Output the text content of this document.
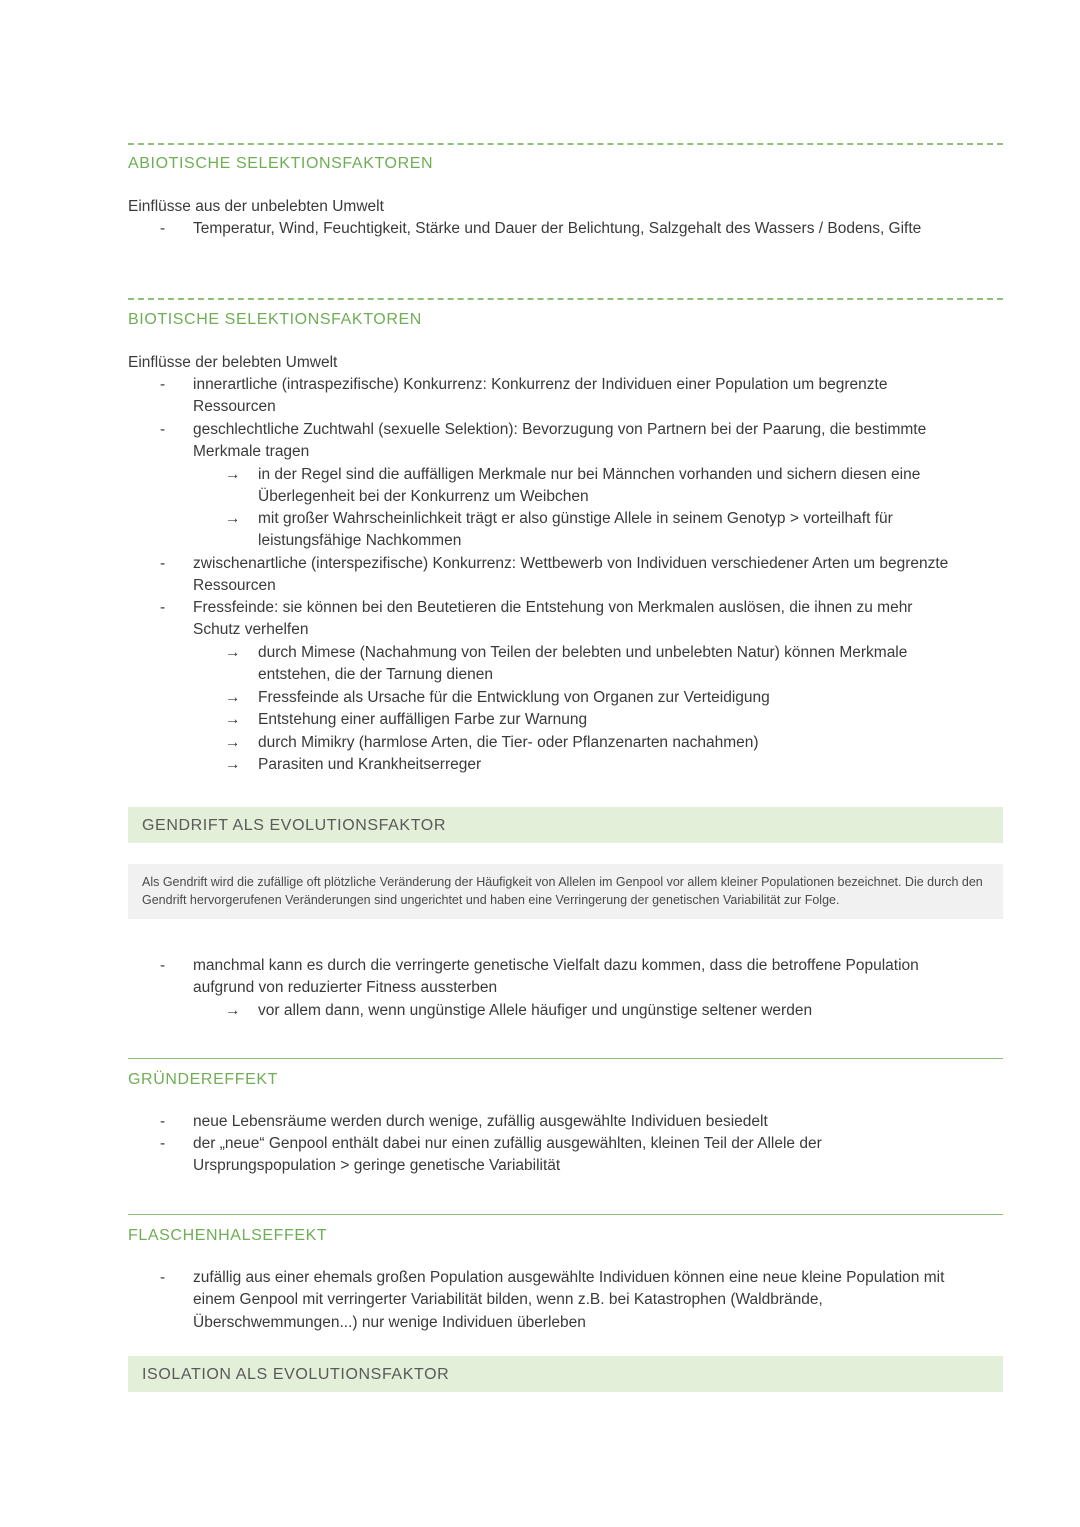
ABIOTISCHE SELEKTIONSFAKTOREN
Einflüsse aus der unbelebten Umwelt
- Temperatur, Wind, Feuchtigkeit, Stärke und Dauer der Belichtung, Salzgehalt des Wassers / Bodens, Gifte
BIOTISCHE SELEKTIONSFAKTOREN
Einflüsse der belebten Umwelt
- innerartliche (intraspezifische) Konkurrenz: Konkurrenz der Individuen einer Population um begrenzte Ressourcen
- geschlechtliche Zuchtwahl (sexuelle Selektion): Bevorzugung von Partnern bei der Paarung, die bestimmte Merkmale tragen
→ in der Regel sind die auffälligen Merkmale nur bei Männchen vorhanden und sichern diesen eine Überlegenheit bei der Konkurrenz um Weibchen
→ mit großer Wahrscheinlichkeit trägt er also günstige Allele in seinem Genotyp > vorteilhaft für leistungsfähige Nachkommen
- zwischenartliche (interspezifische) Konkurrenz: Wettbewerb von Individuen verschiedener Arten um begrenzte Ressourcen
- Fressfeinde: sie können bei den Beutetieren die Entstehung von Merkmalen auslösen, die ihnen zu mehr Schutz verhelfen
→ durch Mimese (Nachahmung von Teilen der belebten und unbelebten Natur) können Merkmale entstehen, die der Tarnung dienen
→ Fressfeinde als Ursache für die Entwicklung von Organen zur Verteidigung
→ Entstehung einer auffälligen Farbe zur Warnung
→ durch Mimikry (harmlose Arten, die Tier- oder Pflanzenarten nachahmen)
→ Parasiten und Krankheitserreger
GENDRIFT ALS EVOLUTIONSFAKTOR
Als Gendrift wird die zufällige oft plötzliche Veränderung der Häufigkeit von Allelen im Genpool vor allem kleiner Populationen bezeichnet. Die durch den Gendrift hervorgerufenen Veränderungen sind ungerichtet und haben eine Verringerung der genetischen Variabilität zur Folge.
- manchmal kann es durch die verringerte genetische Vielfalt dazu kommen, dass die betroffene Population aufgrund von reduzierter Fitness aussterben
→ vor allem dann, wenn ungünstige Allele häufiger und ungünstige seltener werden
GRÜNDEREFFEKT
- neue Lebensräume werden durch wenige, zufällig ausgewählte Individuen besiedelt
- der „neue“ Genpool enthält dabei nur einen zufällig ausgewählten, kleinen Teil der Allele der Ursprungspopulation > geringe genetische Variabilität
FLASCHENHALSEFFEKT
- zufällig aus einer ehemals großen Population ausgewählte Individuen können eine neue kleine Population mit einem Genpool mit verringerter Variabilität bilden, wenn z.B. bei Katastrophen (Waldbrände, Überschwemmungen...) nur wenige Individuen überleben
ISOLATION ALS EVOLUTIONSFAKTOR
